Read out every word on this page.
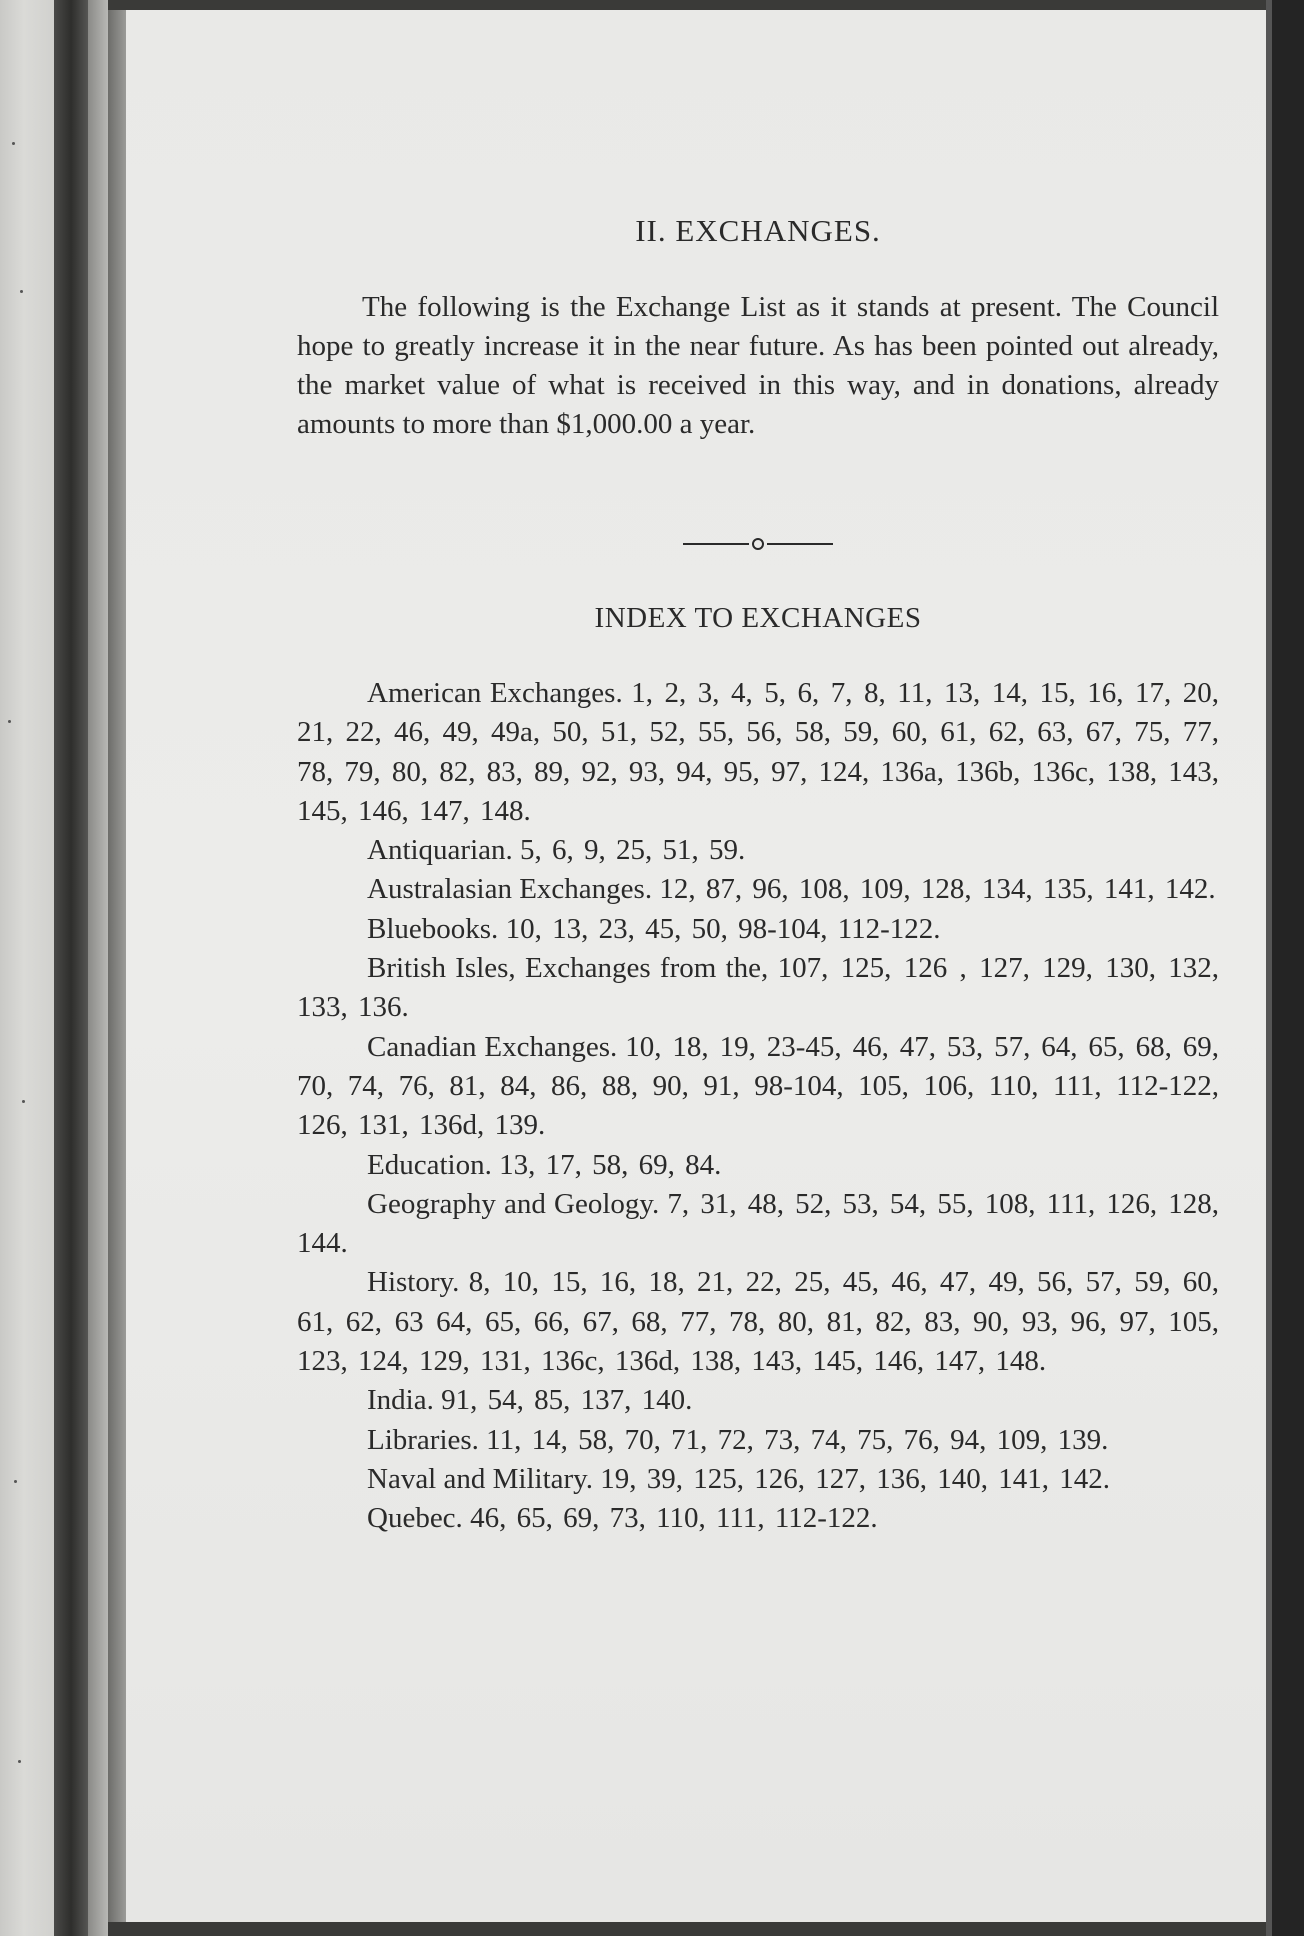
II. EXCHANGES.

The following is the Exchange List as it stands at present. The Council hope to greatly increase it in the near future. As has been pointed out already, the market value of what is received in this way, and in donations, already amounts to more than $1,000.00 a year.

INDEX TO EXCHANGES

American Exchanges. 1, 2, 3, 4, 5, 6, 7, 8, 11, 13, 14, 15, 16, 17, 20, 21, 22, 46, 49, 49a, 50, 51, 52, 55, 56, 58, 59, 60, 61, 62, 63, 67, 75, 77, 78, 79, 80, 82, 83, 89, 92, 93, 94, 95, 97, 124, 136a, 136b, 136c, 138, 143, 145, 146, 147, 148.

Antiquarian. 5, 6, 9, 25, 51, 59.

Australasian Exchanges. 12, 87, 96, 108, 109, 128, 134, 135, 141, 142.

Bluebooks. 10, 13, 23, 45, 50, 98-104, 112-122.

British Isles, Exchanges from the, 107, 125, 126 , 127, 129, 130, 132, 133, 136.

Canadian Exchanges. 10, 18, 19, 23-45, 46, 47, 53, 57, 64, 65, 68, 69, 70, 74, 76, 81, 84, 86, 88, 90, 91, 98-104, 105, 106, 110, 111, 112-122, 126, 131, 136d, 139.

Education. 13, 17, 58, 69, 84.

Geography and Geology. 7, 31, 48, 52, 53, 54, 55, 108, 111, 126, 128, 144.

History. 8, 10, 15, 16, 18, 21, 22, 25, 45, 46, 47, 49, 56, 57, 59, 60, 61, 62, 63 64, 65, 66, 67, 68, 77, 78, 80, 81, 82, 83, 90, 93, 96, 97, 105, 123, 124, 129, 131, 136c, 136d, 138, 143, 145, 146, 147, 148.

India. 91, 54, 85, 137, 140.

Libraries. 11, 14, 58, 70, 71, 72, 73, 74, 75, 76, 94, 109, 139.

Naval and Military. 19, 39, 125, 126, 127, 136, 140, 141, 142.

Quebec. 46, 65, 69, 73, 110, 111, 112-122.
